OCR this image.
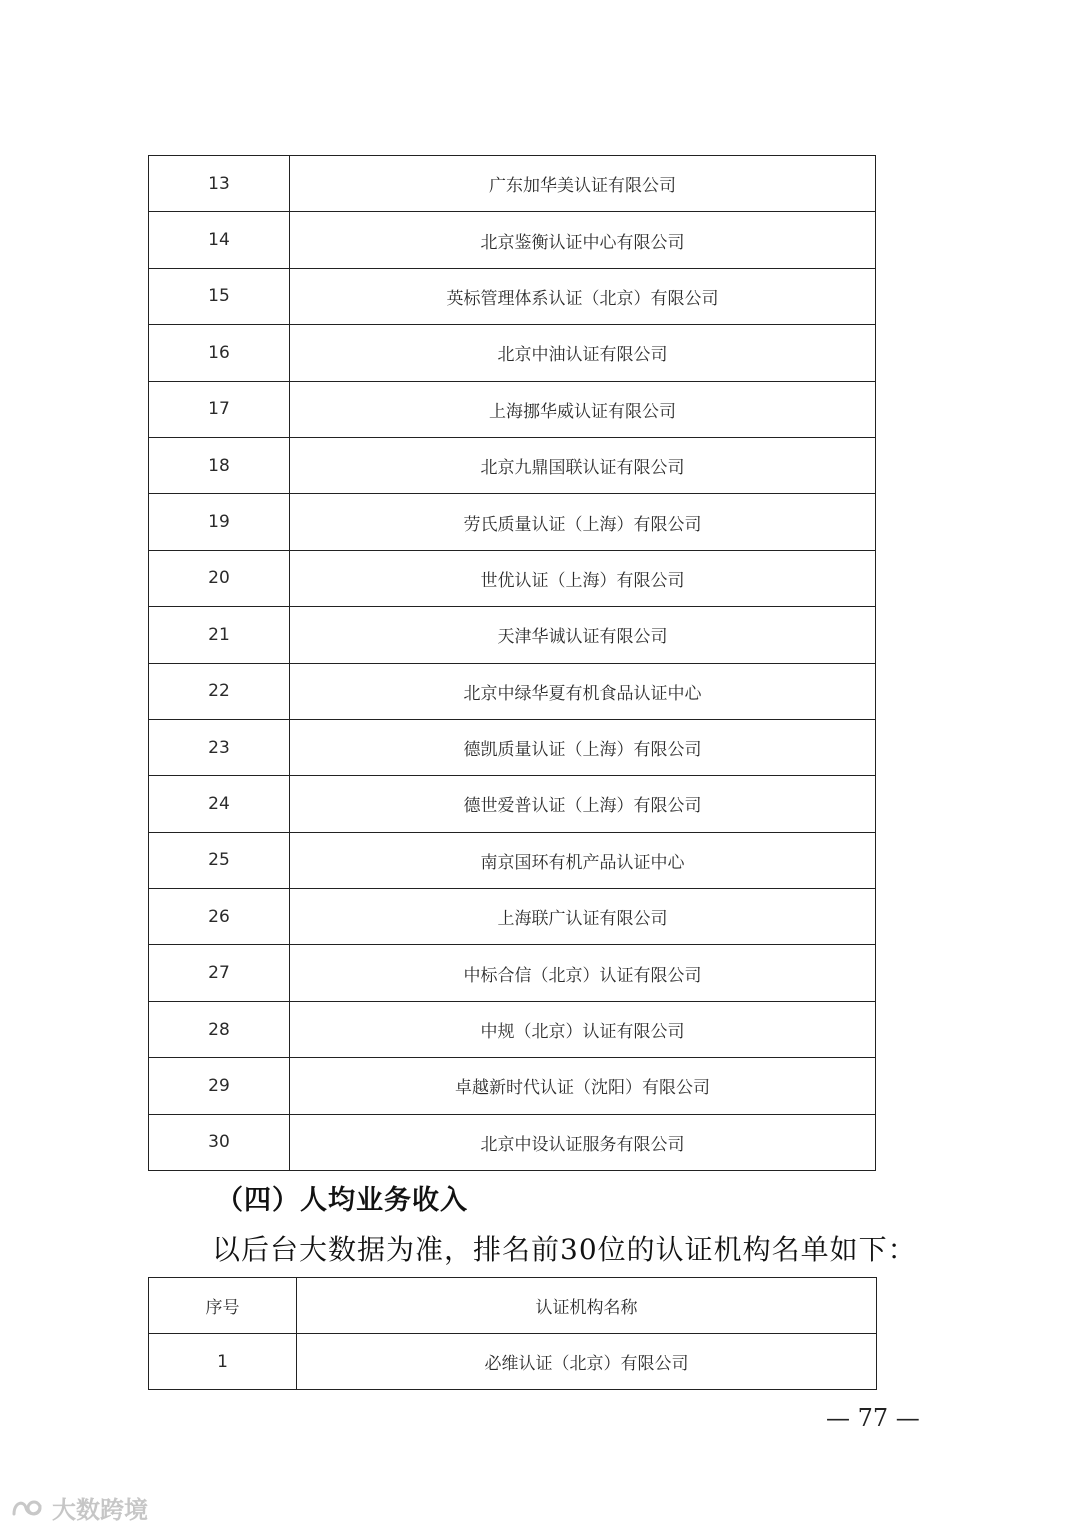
13	广东加华美认证有限公司
14	北京鉴衡认证中心有限公司
15	英标管理体系认证（北京）有限公司
16	北京中油认证有限公司
17	上海挪华威认证有限公司
18	北京九鼎国联认证有限公司
19	劳氏质量认证（上海）有限公司
20	世优认证（上海）有限公司
21	天津华诚认证有限公司
22	北京中绿华夏有机食品认证中心
23	德凯质量认证（上海）有限公司
24	德世爱普认证（上海）有限公司
25	南京国环有机产品认证中心
26	上海联广认证有限公司
27	中标合信（北京）认证有限公司
28	中规（北京）认证有限公司
29	卓越新时代认证（沈阳）有限公司
30	北京中设认证服务有限公司
（四）人均业务收入
以后台大数据为准，排名前30位的认证机构名单如下：
序号	认证机构名称
1	必维认证（北京）有限公司
— 77 —
大数跨境
